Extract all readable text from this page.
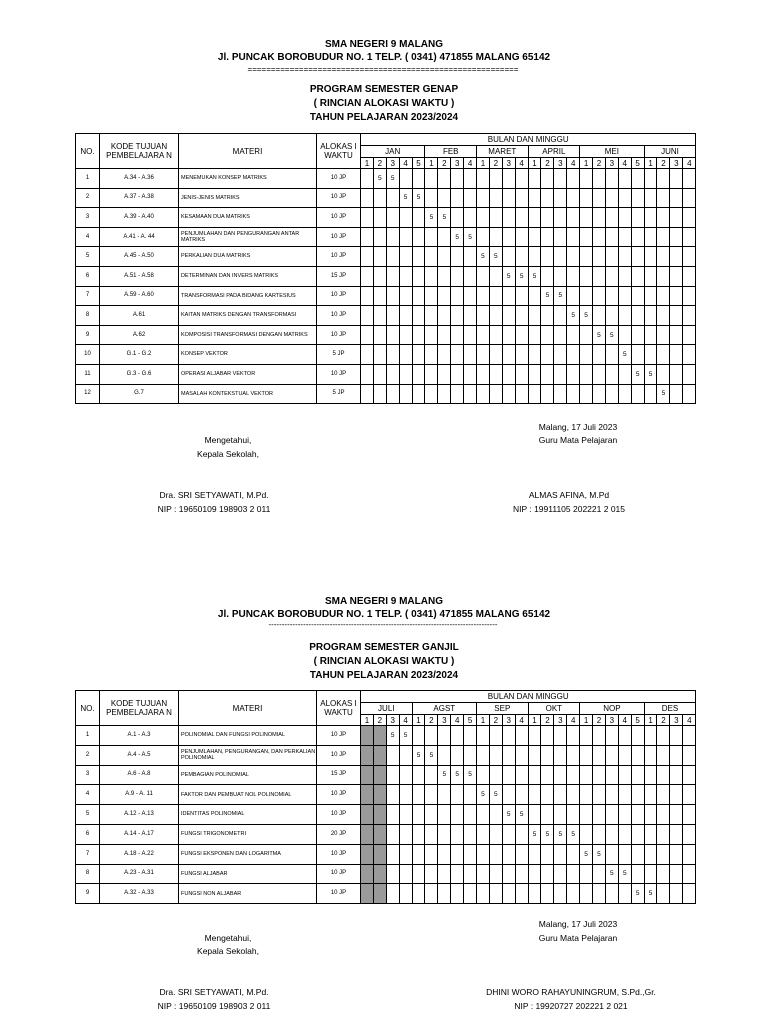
SMA NEGERI 9 MALANG
Jl. PUNCAK BOROBUDUR NO. 1 TELP. ( 0341) 471855 MALANG 65142
==========================================================
PROGRAM SEMESTER GENAP
( RINCIAN ALOKASI WAKTU )
TAHUN PELAJARAN 2023/2024
NO.	KODE TUJUAN PEMBELAJARA N	MATERI	ALOKAS I WAKTU	BULAN DAN MINGGU																									
				JAN					FEB				MARET				APRIL				MEI					JUNI			
				1	2	3	4	5	1	2	3	4	1	2	3	4	1	2	3	4	1	2	3	4	5	1	2	3	4
1	A.34 - A.36	MENEMUKAN KONSEP MATRIKS	10 JP		5	5																							
2	A.37 - A.38	JENIS-JENIS MATRIKS	10 JP				5	5																					
3	A.39 - A.40	KESAMAAN DUA MATRIKS	10 JP						5	5																			
4	A.41 - A. 44	PENJUMLAHAN DAN PENGURANGAN ANTAR MATRIKS	10 JP								5	5																	
5	A.45 - A.50	PERKALIAN DUA MATRIKS	10 JP										5	5															
6	A.51 - A.58	DETERMINAN DAN INVERS MATRIKS	15 JP												5	5	5												
7	A.59 - A.60	TRANSFORMASI PADA BIDANG KARTESIUS	10 JP															5	5										
8	A.61	KAITAN MATRIKS DENGAN TRANSFORMASI	10 JP																	5	5								
9	A.62	KOMPOSISI TRANSFORMASI DENGAN MATRIKS	10 JP																			5	5						
10	G.1 - G.2	KONSEP VEKTOR	5 JP																					5					
11	G.3 - G.6	OPERASI ALJABAR VEKTOR	10 JP																						5	5			
12	G.7	MASALAH KONTEKSTUAL VEKTOR	5 JP																								5		
Malang, 17 Juli 2023
Guru Mata Pelajaran
Mengetahui,
Kepala Sekolah,
Dra. SRI SETYAWATI, M.Pd.
NIP : 19650109 198903 2 011
ALMAS AFINA, M.Pd
NIP : 19911105 202221 2 015
SMA NEGERI 9 MALANG
Jl. PUNCAK BOROBUDUR NO. 1 TELP. ( 0341) 471855 MALANG 65142
--------------------------------------------------------------------------------------
PROGRAM SEMESTER GANJIL
( RINCIAN ALOKASI WAKTU )
TAHUN PELAJARAN 2023/2024
NO.	KODE TUJUAN PEMBELAJARA N	MATERI	ALOKAS I WAKTU	BULAN DAN MINGGU																									
				JULI				AGST					SEP				OKT				NOP					DES			
				1	2	3	4	1	2	3	4	5	1	2	3	4	1	2	3	4	1	2	3	4	5	1	2	3	4
1	A.1 - A.3	POLINOMIAL DAN FUNGSI POLINOMIAL	10 JP			5	5																						
2	A.4 - A.5	PENJUMLAHAN, PENGURANGAN, DAN PERKALIAN POLINOMIAL	10 JP					5	5																				
3	A.6 - A.8	PEMBAGIAN POLINOMIAL	15 JP							5	5	5																	
4	A.9 - A. 11	FAKTOR DAN PEMBUAT NOL POLINOMIAL	10 JP										5	5															
5	A.12 - A.13	IDENTITAS POLINOMIAL	10 JP												5	5													
6	A.14 - A.17	FUNGSI TRIGONOMETRI	20 JP														5	5	5	5									
7	A.18 - A.22	FUNGSI EKSPONEN DAN LOGARITMA	10 JP																		5	5							
8	A.23 - A.31	FUNGSI ALJABAR	10 JP																				5	5					
9	A.32 - A.33	FUNGSI NON ALJABAR	10 JP																						5	5			
Malang, 17 Juli 2023
Guru Mata Pelajaran
Mengetahui,
Kepala Sekolah,
Dra. SRI SETYAWATI, M.Pd.
NIP : 19650109 198903 2 011
DHINI WORO RAHAYUNINGRUM, S.Pd.,Gr.
NIP : 19920727 202221 2 021
